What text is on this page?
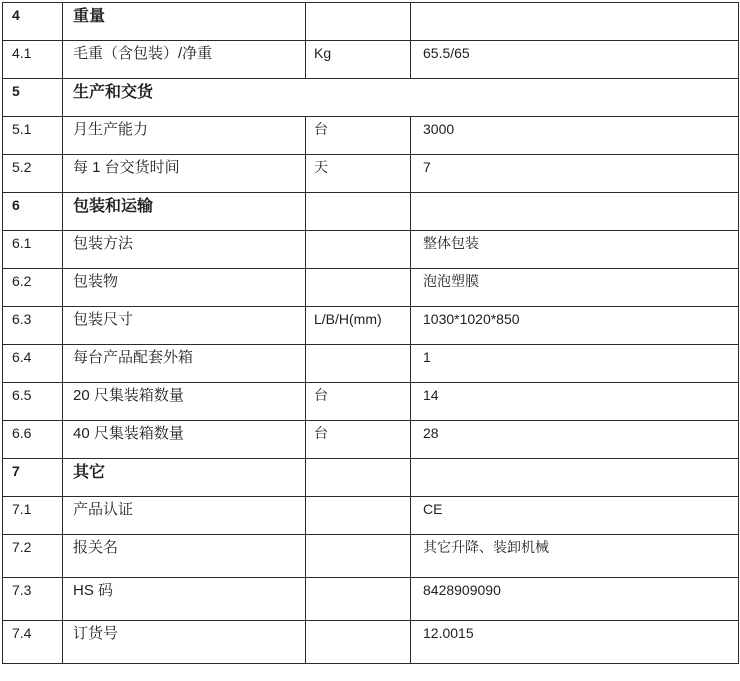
4	重量		
4.1	毛重（含包装）/净重	Kg	65.5/65
5	生产和交货		
5.1	月生产能力	台	3000
5.2	每 1 台交货时间	天	7
6	包装和运输		
6.1	包装方法		整体包装
6.2	包装物		泡泡塑膜
6.3	包装尺寸	L/B/H(mm)	1030*1020*850
6.4	每台产品配套外箱		1
6.5	20 尺集装箱数量	台	14
6.6	40 尺集装箱数量	台	28
7	其它		
7.1	产品认证		CE
7.2	报关名		其它升降、装卸机械
7.3	HS 码		8428909090
7.4	订货号		12.0015
